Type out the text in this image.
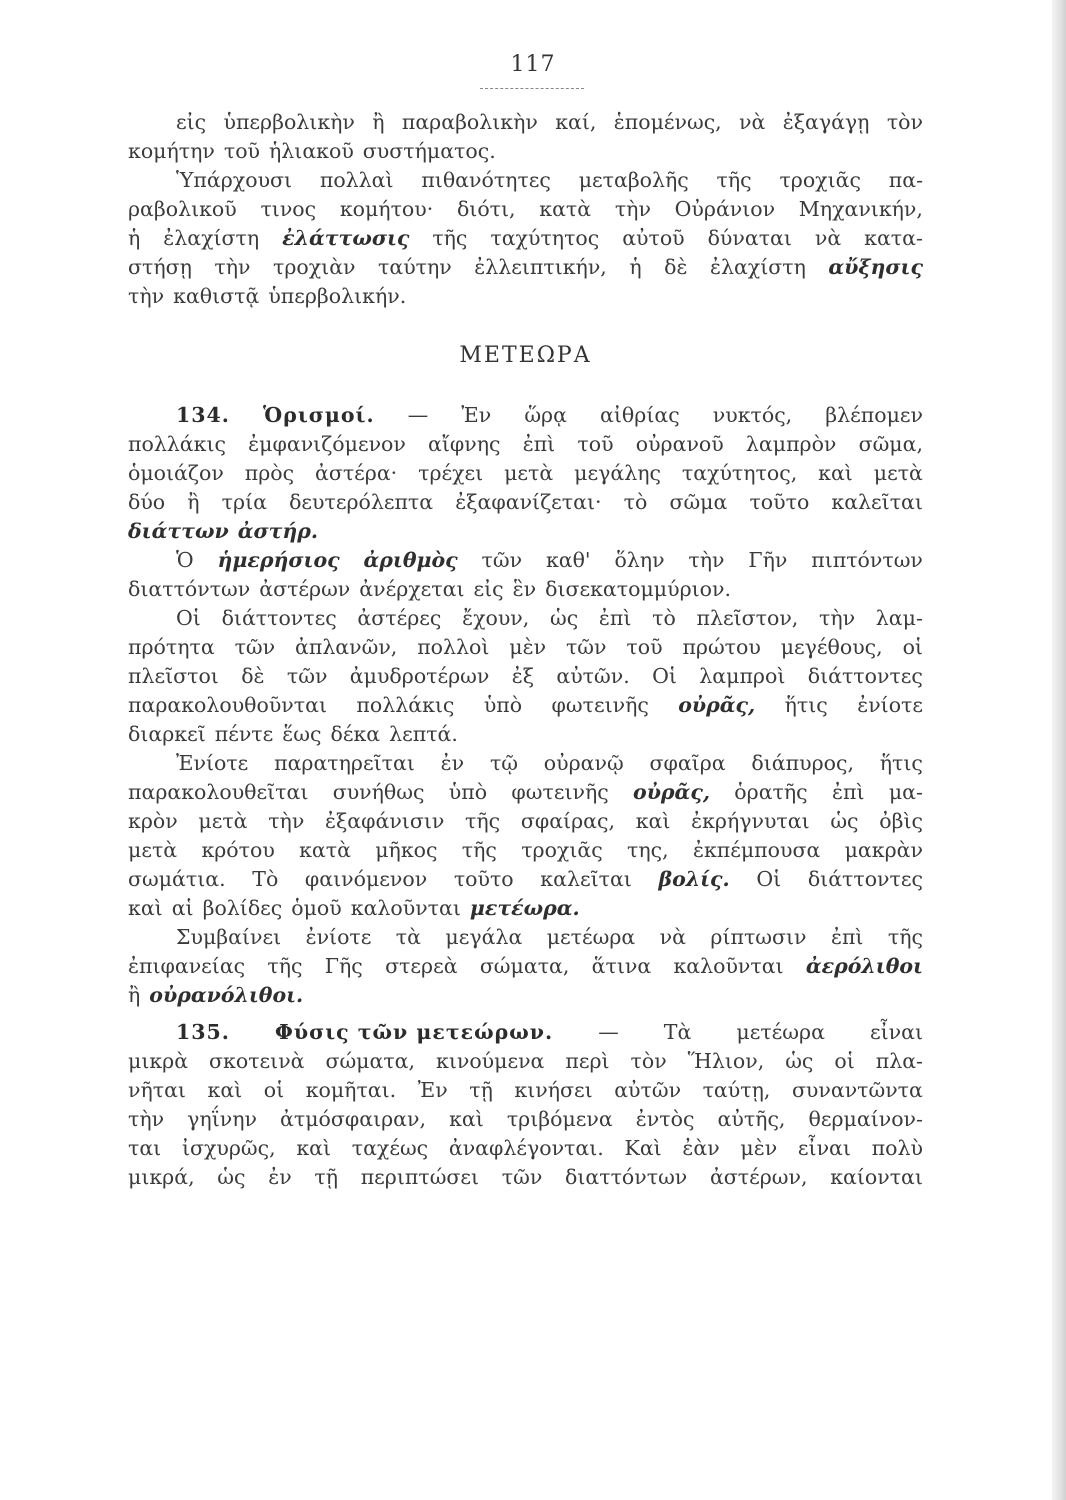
117
εἰς ὑπερβολικὴν ἢ παραβολικὴν καί, ἑπομένως, νὰ ἐξαγάγῃ τὸν
κομήτην τοῦ ἡλιακοῦ συστήματος.
Ὑπάρχουσι πολλαὶ πιθανότητες μεταβολῆς τῆς τροχιᾶς πα-
ραβολικοῦ τινος κομήτου· διότι, κατὰ τὴν Οὐράνιον Μηχανικήν,
ἡ ἐλαχίστη ἐλάττωσις τῆς ταχύτητος αὐτοῦ δύναται νὰ κατα-
στήσῃ τὴν τροχιὰν ταύτην ἐλλειπτικήν, ἡ δὲ ἐλαχίστη αὔξησις
τὴν καθιστᾷ ὑπερβολικήν.
ΜΕΤΕΩΡΑ
134. Ὁρισμοί. — Ἐν ὥρᾳ αἰθρίας νυκτός, βλέπομεν
πολλάκις ἐμφανιζόμενον αἴφνης ἐπὶ τοῦ οὐρανοῦ λαμπρὸν σῶμα,
ὁμοιάζον πρὸς ἀστέρα· τρέχει μετὰ μεγάλης ταχύτητος, καὶ μετὰ
δύο ἢ τρία δευτερόλεπτα ἐξαφανίζεται· τὸ σῶμα τοῦτο καλεῖται
διάττων ἀστήρ.
Ὁ ἡμερήσιος ἀριθμὸς τῶν καθ' ὅλην τὴν Γῆν πιπτόντων
διαττόντων ἀστέρων ἀνέρχεται εἰς ἓν δισεκατομμύριον.
Οἱ διάττοντες ἀστέρες ἔχουν, ὡς ἐπὶ τὸ πλεῖστον, τὴν λαμ-
πρότητα τῶν ἀπλανῶν, πολλοὶ μὲν τῶν τοῦ πρώτου μεγέθους, οἱ
πλεῖστοι δὲ τῶν ἀμυδροτέρων ἐξ αὐτῶν. Οἱ λαμπροὶ διάττοντες
παρακολουθοῦνται πολλάκις ὑπὸ φωτεινῆς οὐρᾶς, ἥτις ἐνίοτε
διαρκεῖ πέντε ἕως δέκα λεπτά.
Ἐνίοτε παρατηρεῖται ἐν τῷ οὐρανῷ σφαῖρα διάπυρος, ἥτις
παρακολουθεῖται συνήθως ὑπὸ φωτεινῆς οὐρᾶς, ὁρατῆς ἐπὶ μα-
κρὸν μετὰ τὴν ἐξαφάνισιν τῆς σφαίρας, καὶ ἐκρήγνυται ὡς ὀβὶς
μετὰ κρότου κατὰ μῆκος τῆς τροχιᾶς της, ἐκπέμπουσα μακρὰν
σωμάτια. Τὸ φαινόμενον τοῦτο καλεῖται βολίς. Οἱ διάττοντες
καὶ αἱ βολίδες ὁμοῦ καλοῦνται μετέωρα.
Συμβαίνει ἐνίοτε τὰ μεγάλα μετέωρα νὰ ρίπτωσιν ἐπὶ τῆς
ἐπιφανείας τῆς Γῆς στερεὰ σώματα, ἅτινα καλοῦνται ἀερόλιθοι
ἢ οὐρανόλιθοι.
135. Φύσις τῶν μετεώρων. — Τὰ μετέωρα εἶναι
μικρὰ σκοτεινὰ σώματα, κινούμενα περὶ τὸν Ἥλιον, ὡς οἱ πλα-
νῆται καὶ οἱ κομῆται. Ἐν τῇ κινήσει αὐτῶν ταύτῃ, συναντῶντα
τὴν γηΐνην ἀτμόσφαιραν, καὶ τριβόμενα ἐντὸς αὐτῆς, θερμαίνον-
ται ἰσχυρῶς, καὶ ταχέως ἀναφλέγονται. Καὶ ἐὰν μὲν εἶναι πολὺ
μικρά, ὡς ἐν τῇ περιπτώσει τῶν διαττόντων ἀστέρων, καίονται
